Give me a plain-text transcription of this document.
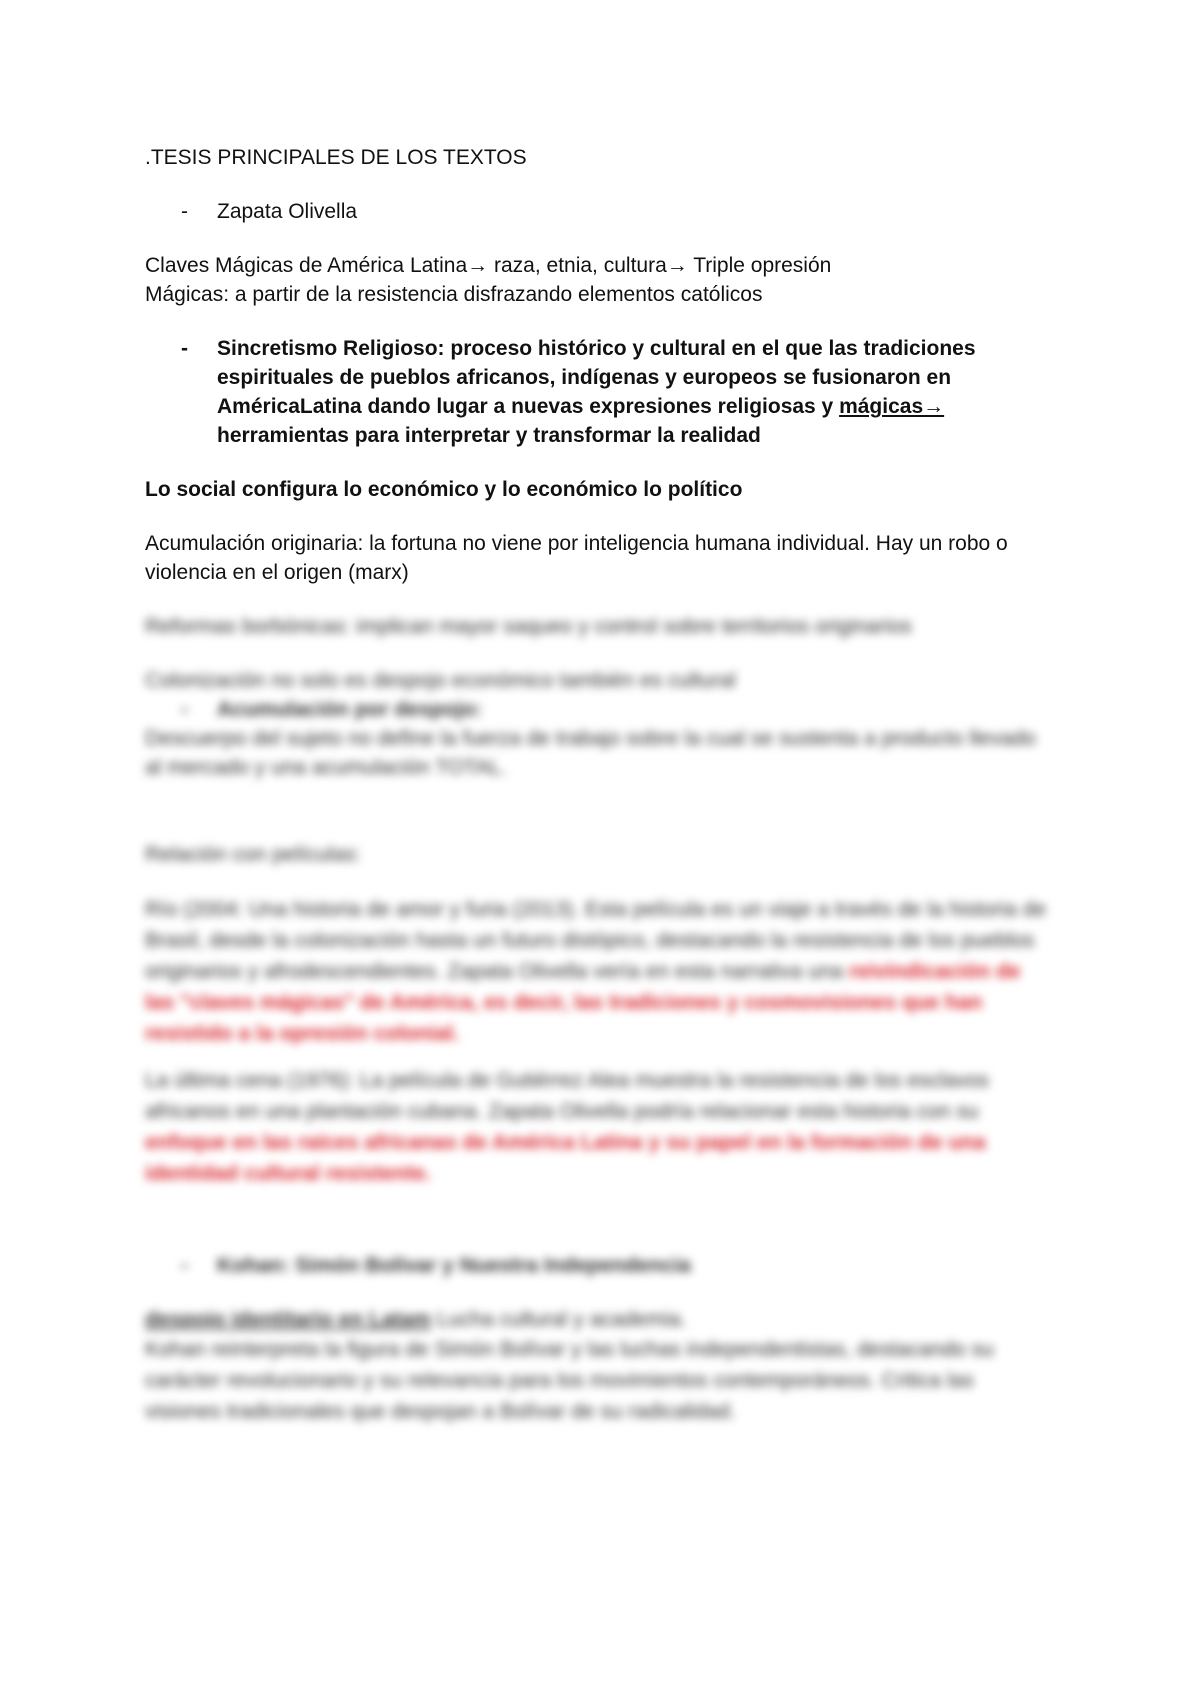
.TESIS PRINCIPALES DE LOS TEXTOS

- Zapata Olivella

Claves Mágicas de América Latina→ raza, etnia, cultura→ Triple opresión

Mágicas: a partir de la resistencia disfrazando elementos católicos

- Sincretismo Religioso: proceso histórico y cultural en el que las tradiciones espirituales de pueblos africanos, indígenas y europeos se fusionaron en AméricaLatina dando lugar a nuevas expresiones religiosas y mágicas→ herramientas para interpretar y transformar la realidad

Lo social configura lo económico y lo económico lo político

Acumulación originaria: la fortuna no viene por inteligencia humana individual. Hay un robo o violencia en el origen (marx)

Reformas borbónicas: implican mayor saqueo y control sobre territorios originarios

Colonización no solo es despojo económico también es cultural

- Acumulación por despojo:

Descuerpo del sujeto no define la fuerza de trabajo sobre la cual se sustenta a producto llevado al mercado y una acumulación TOTAL.

Relación con películas:

Río (2004: Una historia de amor y furia (2013). Esta película es un viaje a través de la historia de Brasil, desde la colonización hasta un futuro distópico, destacando la resistencia de los pueblos originarios y afrodescendientes. Zapata Olivella vería en esta narrativa una reivindicación de las "claves mágicas" de América, es decir, las tradiciones y cosmovisiones que han resistido a la opresión colonial.

La última cena (1976): La película de Gutiérrez Alea muestra la resistencia de los esclavos africanos en una plantación cubana. Zapata Olivella podría relacionar esta historia con su enfoque en las raíces africanas de América Latina y su papel en la formación de una identidad cultural resistente.

- Kohan: Simón Bolívar y Nuestra Independencia

despojo identitario en Latam Lucha cultural y academia.

Kohan reinterpreta la figura de Simón Bolívar y las luchas independentistas, destacando su carácter revolucionario y su relevancia para los movimientos contemporáneos. Critica las visiones tradicionales que despojan a Bolívar de su radicalidad.
